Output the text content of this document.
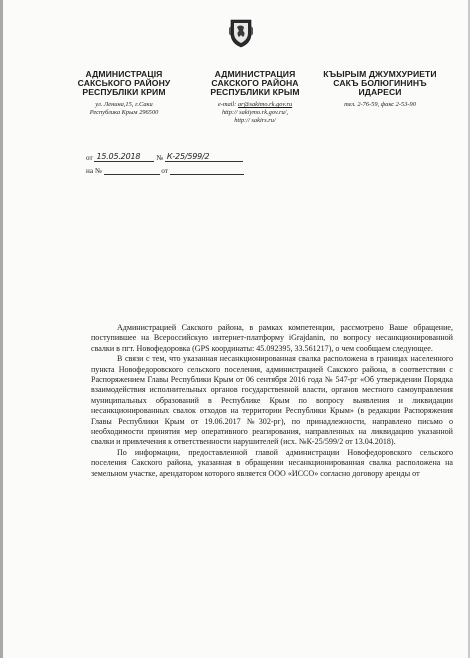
АДМИНИСТРАЦІЯ
САКСЬКОГО РАЙОНУ
РЕСПУБЛІКИ КРИМ
ул. Ленина,15, г.Саки
Республика Крым 296500
АДМИНИСТРАЦИЯ
САКСКОГО РАЙОНА
РЕСПУБЛИКИ КРЫМ
e-mail: ar@sakimo.rk.gov.ru
http:// sakiymo.rk.gov.ru/,
http:// sakirs.ru/
КЪЫРЫМ ДЖУМХУРИЕТИ
САКЪ БОЛЮГИНИНЪ
ИДАРЕСИ
тел. 2-76-59, факс 2-53-90
от 15.05.2018 № К-25/599/2
на №	от

Администрацией Сакского района, в рамках компетенции, рассмотрено Ваше обращение, поступившее на Всероссийскую интернет-платформу iGrajdanin, по вопросу несанкционированной свалки в пгт. Новофедоровка (GPS координаты: 45.092395, 33.561217), о чем сообщаем следующее.

В связи с тем, что указанная несанкционированная свалка расположена в границах населенного пункта Новофедоровского сельского поселения, администрацией Сакского района, в соответствии с Распоряжением Главы Республики Крым от 06 сентября 2016 года № 547-рг «Об утверждении Порядка взаимодействия исполнительных органов государственной власти, органов местного самоуправления муниципальных образований в Республике Крым по вопросу выявления и ликвидации несанкционированных свалок отходов на территории Республики Крым» (в редакции Распоряжения Главы Республики Крым от 19.06.2017 №302-рг), по принадлежности, направлено письмо о необходимости принятия мер оперативного реагирования, направленных на ликвидацию указанной свалки и привлечения к ответственности нарушителей (исх. №К-25/599/2 от 13.04.2018).

По информации, предоставленной главой администрации Новофедоровского сельского поселения Сакского района, указанная в обращении несанкционированная свалка расположена на земельном участке, арендатором которого является ООО «ИССО» согласно договору аренды от
